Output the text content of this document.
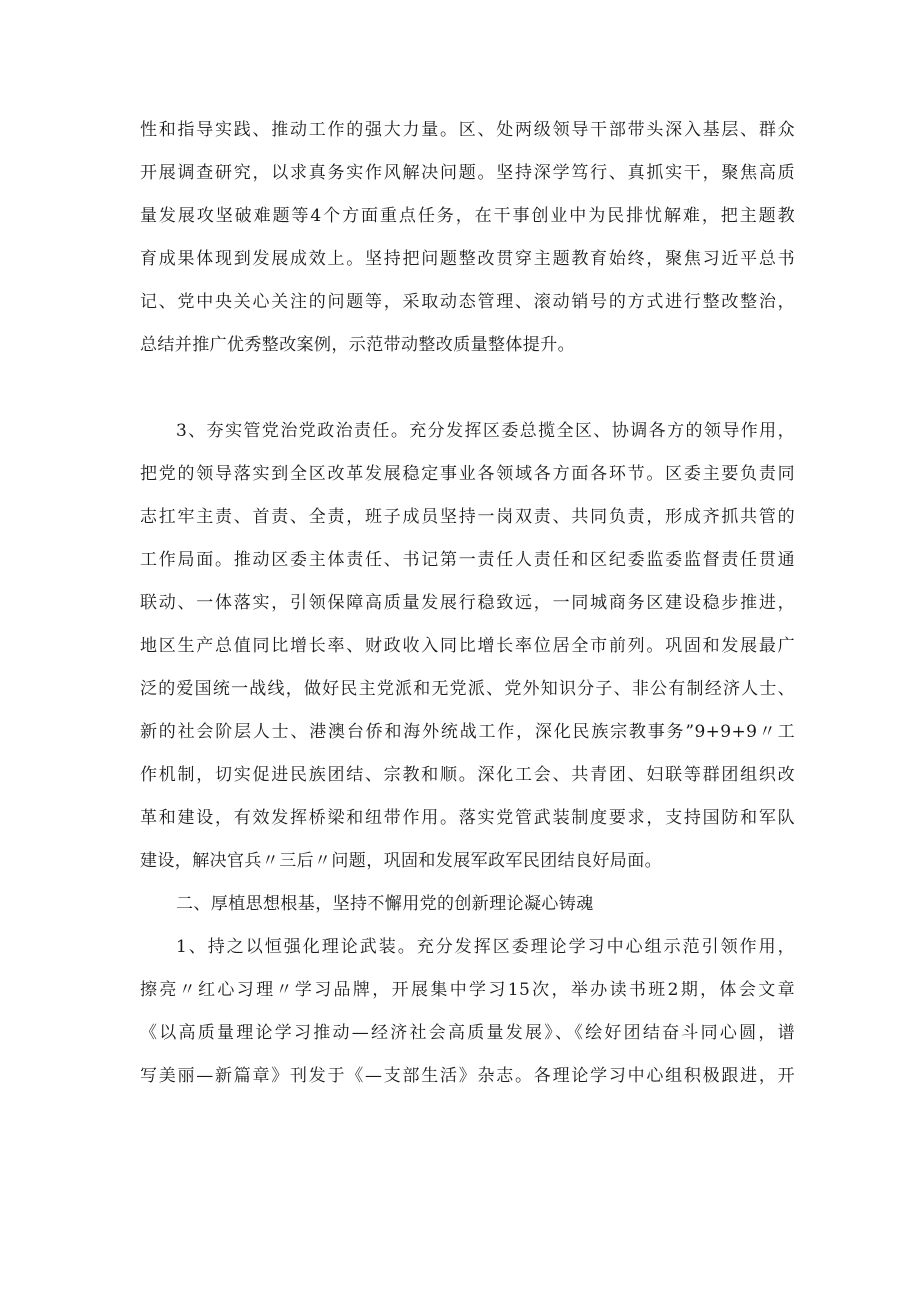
性和指导实践、推动工作的强大力量。区、处两级领导干部带头深入基层、群众
开展调查研究，以求真务实作风解决问题。坚持深学笃行、真抓实干，聚焦高质
量发展攻坚破难题等4个方面重点任务，在干事创业中为民排忧解难，把主题教
育成果体现到发展成效上。坚持把问题整改贯穿主题教育始终，聚焦习近平总书
记、党中央关心关注的问题等，采取动态管理、滚动销号的方式进行整改整治，
总结并推广优秀整改案例，示范带动整改质量整体提升。
3、夯实管党治党政治责任。充分发挥区委总揽全区、协调各方的领导作用，
把党的领导落实到全区改革发展稳定事业各领域各方面各环节。区委主要负责同
志扛牢主责、首责、全责，班子成员坚持一岗双责、共同负责，形成齐抓共管的
工作局面。推动区委主体责任、书记第一责任人责任和区纪委监委监督责任贯通
联动、一体落实，引领保障高质量发展行稳致远，一同城商务区建设稳步推进，
地区生产总值同比增长率、财政收入同比增长率位居全市前列。巩固和发展最广
泛的爱国统一战线，做好民主党派和无党派、党外知识分子、非公有制经济人士、
新的社会阶层人士、港澳台侨和海外统战工作，深化民族宗教事务”9+9+9〃工
作机制，切实促进民族团结、宗教和顺。深化工会、共青团、妇联等群团组织改
革和建设，有效发挥桥梁和纽带作用。落实党管武装制度要求，支持国防和军队
建设，解决官兵〃三后〃问题，巩固和发展军政军民团结良好局面。
二、厚植思想根基，坚持不懈用党的创新理论凝心铸魂
1、持之以恒强化理论武装。充分发挥区委理论学习中心组示范引领作用，
擦亮〃红心习理〃学习品牌，开展集中学习15次，举办读书班2期，体会文章
《以高质量理论学习推动—经济社会高质量发展》、《绘好团结奋斗同心圆，谱
写美丽—新篇章》刊发于《—支部生活》杂志。各理论学习中心组积极跟进，开
